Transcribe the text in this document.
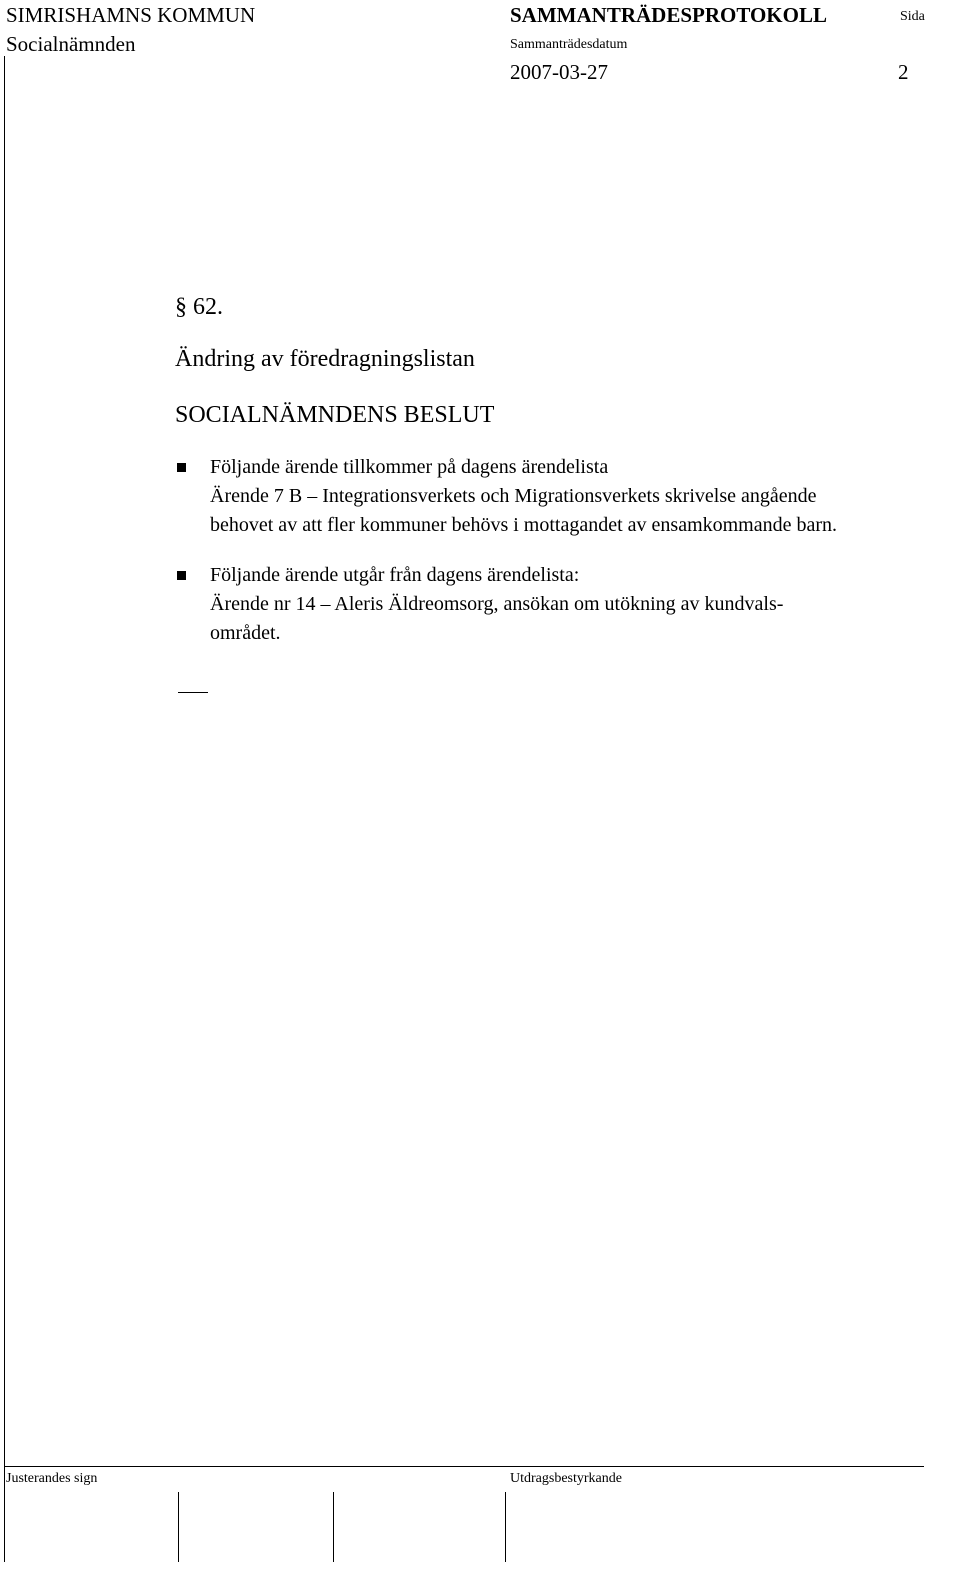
SIMRISHAMNS KOMMUN
Socialnämnden
SAMMANTRÄDESPROTOKOLL	Sida
Sammanträdesdatum
2007-03-27	2
§ 62.
Ändring av föredragningslistan
SOCIALNÄMNDENS BESLUT
Följande ärende tillkommer på dagens ärendelista
Ärende 7 B – Integrationsverkets och Migrationsverkets skrivelse angående
behovet av att fler kommuner behövs i mottagandet av ensamkommande barn.
Följande ärende utgår från dagens ärendelista:
Ärende nr 14 – Aleris Äldreomsorg, ansökan om utökning av kundvals-
området.
Justerandes sign	Utdragsbestyrkande
